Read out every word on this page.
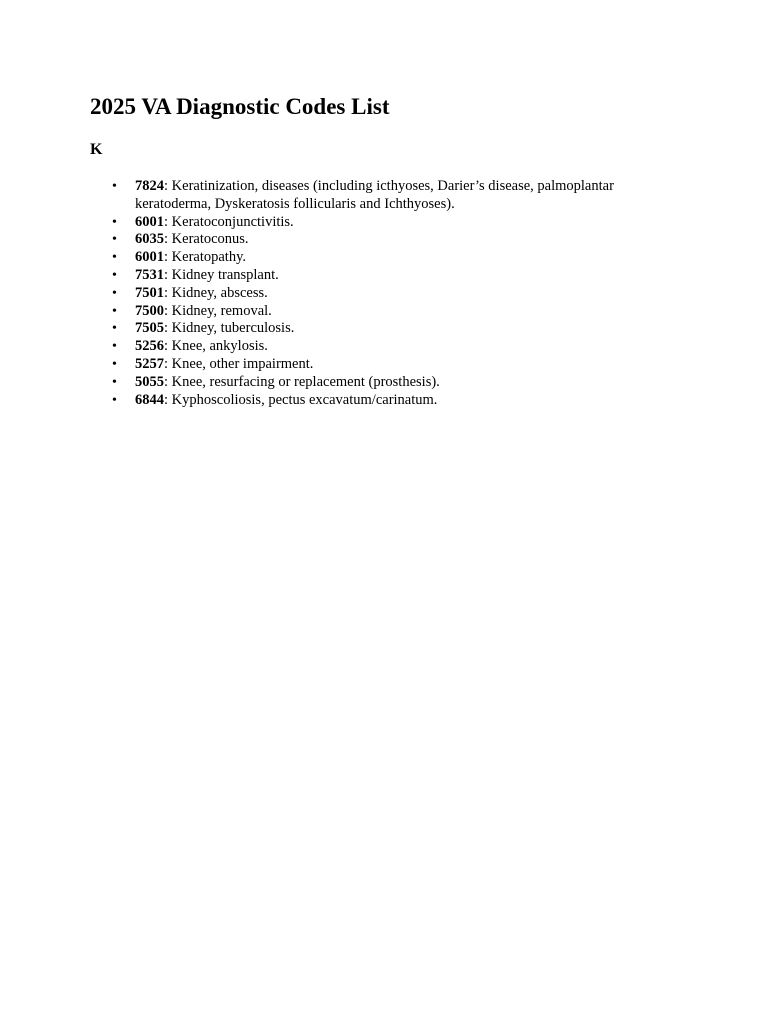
2025 VA Diagnostic Codes List
K
• 7824: Keratinization, diseases (including icthyoses, Darier’s disease, palmoplantar keratoderma, Dyskeratosis follicularis and Ichthyoses).
• 6001: Keratoconjunctivitis.
• 6035: Keratoconus.
• 6001: Keratopathy.
• 7531: Kidney transplant.
• 7501: Kidney, abscess.
• 7500: Kidney, removal.
• 7505: Kidney, tuberculosis.
• 5256: Knee, ankylosis.
• 5257: Knee, other impairment.
• 5055: Knee, resurfacing or replacement (prosthesis).
• 6844: Kyphoscoliosis, pectus excavatum/carinatum.
